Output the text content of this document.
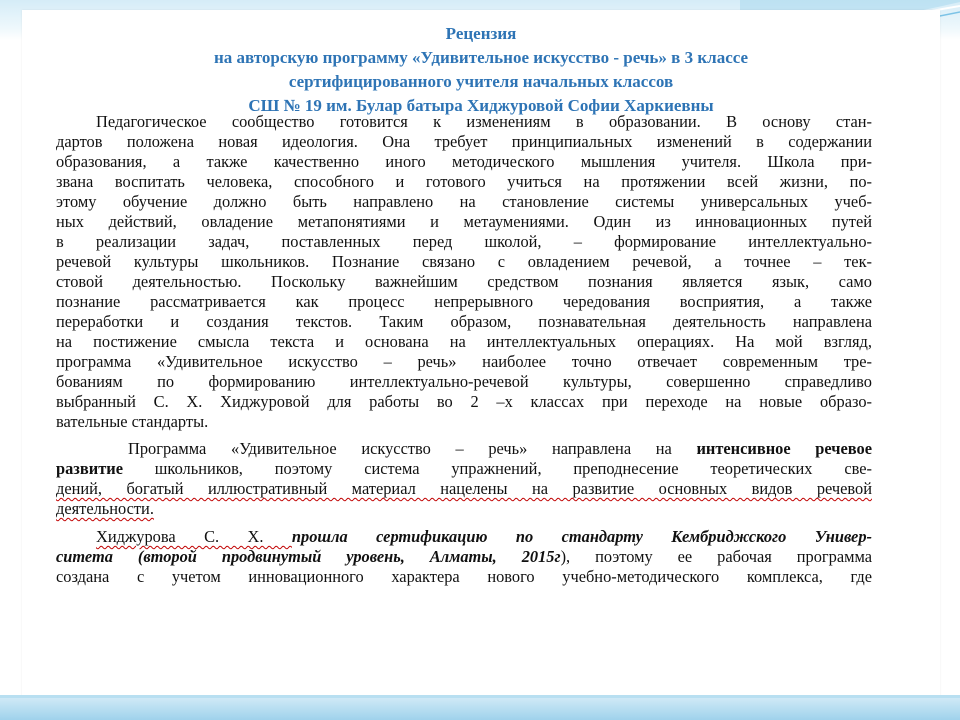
Рецензия
на авторскую программу «Удивительное искусство - речь» в 3 классе
сертифицированного учителя начальных классов
СШ № 19 им. Булар батыра Хиджуровой Софии Харкиевны
Педагогическое сообщество готовится к изменениям в образовании. В основу стан-
дартов положена новая идеология. Она требует принципиальных изменений в содержании
образования, а также качественно иного методического мышления учителя. Школа при-
звана воспитать человека, способного и готового учиться на протяжении всей жизни, по-
этому обучение должно быть направлено на становление системы универсальных учеб-
ных действий, овладение метапонятиями и метаумениями. Один из инновационных путей
в реализации задач, поставленных перед школой, – формирование интеллектуально-
речевой культуры школьников. Познание связано с овладением речевой, а точнее – тек-
стовой деятельностью. Поскольку важнейшим средством познания является язык, само
познание рассматривается как процесс непрерывного чередования восприятия, а также
переработки и создания текстов. Таким образом, познавательная деятельность направлена
на постижение смысла текста и основана на интеллектуальных операциях. На мой взгляд,
программа «Удивительное искусство – речь» наиболее точно отвечает современным тре-
бованиям по формированию интеллектуально-речевой культуры, совершенно справедливо
выбранный С. Х. Хиджуровой для работы во 2 –х классах при переходе на новые образо-
вательные стандарты.
Программа «Удивительное искусство – речь» направлена на интенсивное речевое
развитие школьников, поэтому система упражнений, преподнесение теоретических све-
дений, богатый иллюстративный материал нацелены на развитие основных видов речевой
деятельности.
Хиджурова С. Х. прошла сертификацию по стандарту Кембриджского Универ-
ситета (второй продвинутый уровень, Алматы, 2015г), поэтому ее рабочая программа
создана с учетом инновационного характера нового учебно-методического комплекса, где
